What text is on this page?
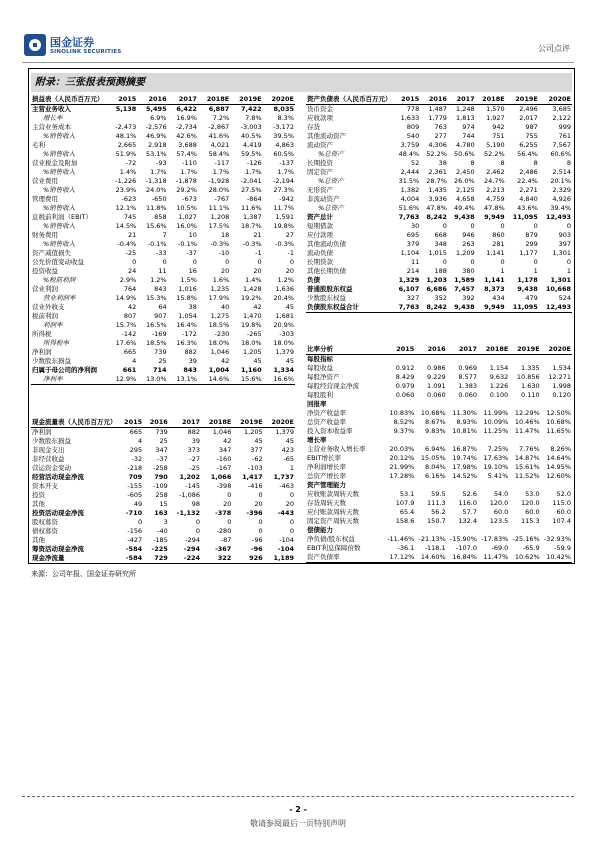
国金证券
SINOLINK SECURITIES	公司点评
附录：三张报表预测摘要
损益表（人民币百万元）	2015	2016	2017	2018E	2019E	2020E
主营业务收入	5,138	5,495	6,422	6,887	7,422	8,035
增长率		6.9%	16.9%	7.2%	7.8%	8.3%
主营业务成本	-2,473	-2,576	-2,734	-2,867	-3,003	-3,172
%销售收入	48.1%	46.9%	42.6%	41.6%	40.5%	39.5%
毛利	2,665	2,918	3,688	4,021	4,419	4,863
%销售收入	51.9%	53.1%	57.4%	58.4%	59.5%	60.5%
营业税金及附加	-72	-93	-110	-117	-126	-137
%销售收入	1.4%	1.7%	1.7%	1.7%	1.7%	1.7%
营业费用	-1,226	-1,318	-1,878	-1,928	-2,041	-2,194
%销售收入	23.9%	24.0%	29.2%	28.0%	27.5%	27.3%
管理费用	-623	-650	-673	-767	-864	-942
%销售收入	12.1%	11.8%	10.5%	11.1%	11.6%	11.7%
息税前利润（EBIT）	745	858	1,027	1,208	1,387	1,591
%销售收入	14.5%	15.6%	16.0%	17.5%	18.7%	19.8%
财务费用	21	7	10	18	21	27
%销售收入	-0.4%	-0.1%	-0.1%	-0.3%	-0.3%	-0.3%
资产减值损失	-25	-33	-37	-10	-1	-1
公允价值变动收益	0	0	0	0	0	0
投资收益	24	11	16	20	20	20
%税前利润	2.9%	1.2%	1.5%	1.6%	1.4%	1.2%
营业利润	764	843	1,016	1,235	1,428	1,636
营业利润率	14.9%	15.3%	15.8%	17.9%	19.2%	20.4%
营业外收支	42	64	38	40	42	45
税前利润	807	907	1,054	1,275	1,470	1,681
利润率	15.7%	16.5%	16.4%	18.5%	19.8%	20.9%
所得税	-142	-169	-172	-230	-265	-303
所得税率	17.6%	18.5%	16.3%	18.0%	18.0%	18.0%
净利润	665	739	882	1,046	1,205	1,379
少数股东损益	4	25	39	42	45	45
归属于母公司的净利润	661	714	843	1,004	1,160	1,334
净利率	12.9%	13.0%	13.1%	14.6%	15.6%	16.6%
资产负债表（人民币百万元）	2015	2016	2017	2018E	2019E	2020E
货币资金	778	1,487	1,248	1,570	2,496	3,685
应收款项	1,633	1,779	1,813	1,927	2,017	2,122
存货	809	763	974	942	987	999
其他流动资产	540	277	744	751	755	761
流动资产	3,759	4,306	4,780	5,190	6,255	7,567
%总资产	48.4%	52.2%	50.6%	52.2%	56.4%	60.6%
长期投资	52	38	8	8	8	8
固定资产	2,444	2,361	2,450	2,462	2,486	2,514
%总资产	31.5%	28.7%	26.0%	24.7%	22.4%	20.1%
无形资产	1,382	1,435	2,125	2,213	2,271	2,329
非流动资产	4,004	3,936	4,658	4,759	4,840	4,926
%总资产	51.6%	47.8%	49.4%	47.8%	43.6%	39.4%
资产总计	7,763	8,242	9,438	9,949	11,095	12,493
短期借款	30	0	0	0	0	0
应付款项	695	668	946	860	879	903
其他流动负债	379	348	263	281	299	397
流动负债	1,104	1,015	1,209	1,141	1,177	1,301
长期贷款	11	0	0	0	0	0
其他长期负债	214	188	380	1	1	1
负债	1,329	1,203	1,589	1,141	1,178	1,301
普通股股东权益	6,107	6,686	7,457	8,373	9,438	10,668
少数股东权益	327	352	392	434	479	524
负债股东权益合计	7,763	8,242	9,438	9,949	11,095	12,493
现金流量表（人民币百万元）	2015	2016	2017	2018E	2019E	2020E
净利润	665	739	882	1,046	1,205	1,379
少数股东损益	4	25	39	42	45	45
非现金支出	295	347	373	347	377	423
非经营收益	-32	-37	-27	-160	-62	-65
营运资金变动	-218	-258	-25	-167	-103	1
经营活动现金净流	709	790	1,202	1,066	1,417	1,737
资本开支	-155	-109	-145	-398	-416	-463
投资	-605	258	-1,086	0	0	0
其他	49	15	98	20	20	20
投资活动现金净流	-710	163	-1,132	-378	-396	-443
股权募资	0	3	0	0	0	0
债权募资	-156	-40	0	-280	0	0
其他	-427	-185	-294	-87	-96	-104
筹资活动现金净流	-584	-225	-294	-367	-96	-104
现金净流量	-584	729	-224	322	926	1,189
比率分析	2015	2016	2017	2018E	2019E	2020E
每股指标						
每股收益	0.912	0.986	0.969	1.154	1.335	1.534
每股净资产	8.429	9.229	8.577	9.632	10.856	12.271
每股经营现金净流	0.979	1.091	1.383	1.226	1.630	1.998
每股股利	0.060	0.060	0.060	0.100	0.110	0.120
回报率						
净资产收益率	10.83%	10.68%	11.30%	11.99%	12.29%	12.50%
总资产收益率	8.52%	8.67%	8.93%	10.09%	10.46%	10.68%
投入资本收益率	9.37%	9.83%	10.81%	11.25%	11.47%	11.65%
增长率						
主营业务收入增长率	20.03%	6.94%	16.87%	7.25%	7.76%	8.26%
EBIT增长率	20.12%	15.05%	19.74%	17.63%	14.87%	14.64%
净利润增长率	21.99%	8.04%	17.98%	19.10%	15.61%	14.95%
总资产增长率	17.28%	6.16%	14.52%	5.41%	11.52%	12.60%
资产管理能力						
应收账款周转天数	53.1	59.5	52.6	54.0	53.0	52.0
存货周转天数	107.9	111.3	116.0	120.0	120.0	115.0
应付账款周转天数	65.4	56.2	57.7	60.0	60.0	60.0
固定资产周转天数	158.6	150.7	132.4	123.5	115.3	107.4
偿债能力						
净负债/股东权益	-11.46%	-21.13%	-15.90%	-17.83%	-25.16%	-32.93%
EBIT利息保障倍数	-36.1	-118.1	-107.0	-69.0	-65.9	-59.9
资产负债率	17.12%	14.60%	16.84%	11.47%	10.62%	10.42%
来源：公司年报、国金证券研究所
- 2 -
敬请参阅最后一页特别声明
